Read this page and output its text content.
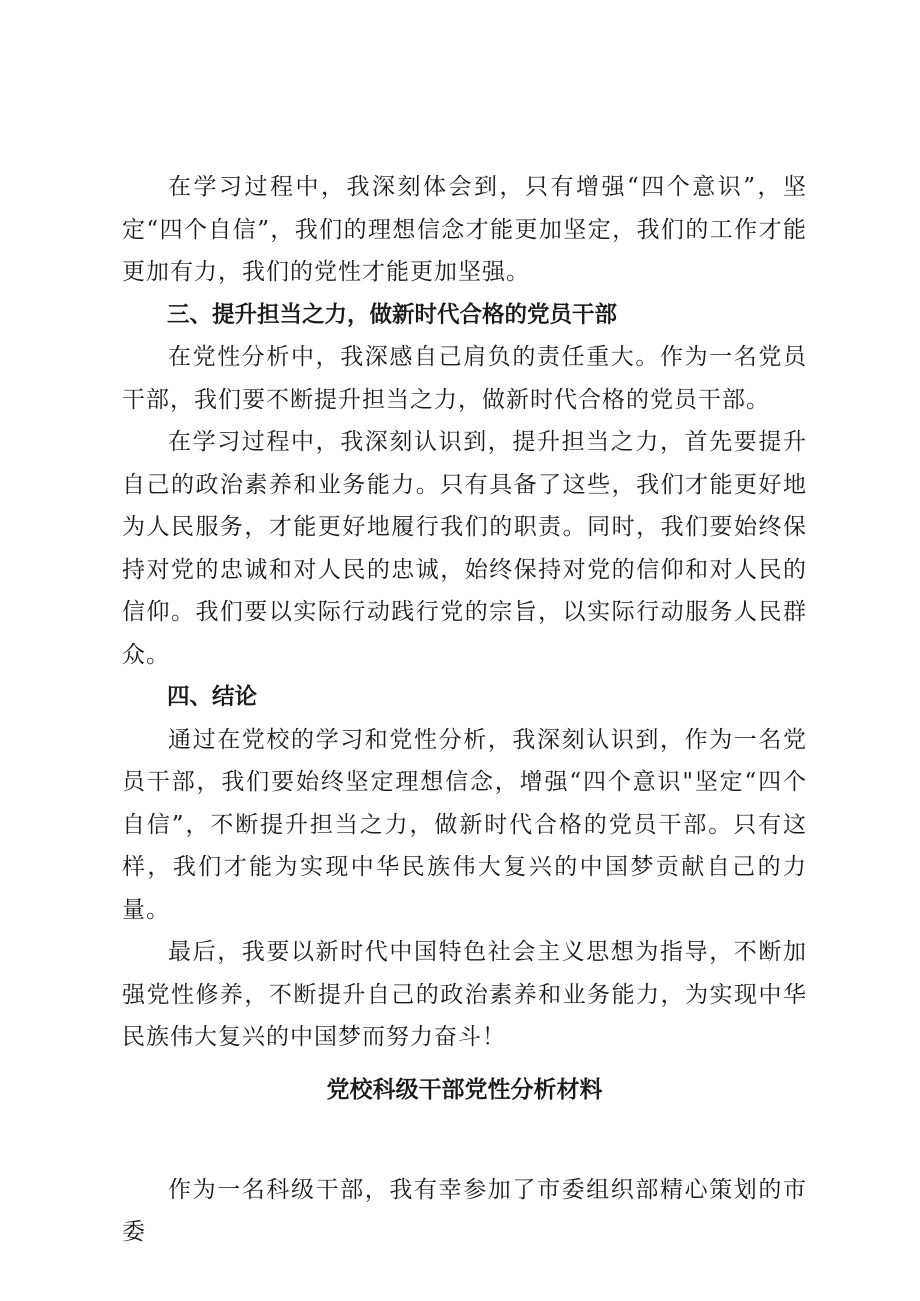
在学习过程中，我深刻体会到，只有增强“四个意识”，坚定“四个自信”，我们的理想信念才能更加坚定，我们的工作才能更加有力，我们的党性才能更加坚强。

三、提升担当之力，做新时代合格的党员干部

在党性分析中，我深感自己肩负的责任重大。作为一名党员干部，我们要不断提升担当之力，做新时代合格的党员干部。

在学习过程中，我深刻认识到，提升担当之力，首先要提升自己的政治素养和业务能力。只有具备了这些，我们才能更好地为人民服务，才能更好地履行我们的职责。同时，我们要始终保持对党的忠诚和对人民的忠诚，始终保持对党的信仰和对人民的信仰。我们要以实际行动践行党的宗旨，以实际行动服务人民群众。

四、结论

通过在党校的学习和党性分析，我深刻认识到，作为一名党员干部，我们要始终坚定理想信念，增强“四个意识"坚定“四个自信”，不断提升担当之力，做新时代合格的党员干部。只有这样，我们才能为实现中华民族伟大复兴的中国梦贡献自己的力量。

最后，我要以新时代中国特色社会主义思想为指导，不断加强党性修养，不断提升自己的政治素养和业务能力，为实现中华民族伟大复兴的中国梦而努力奋斗！

党校科级干部党性分析材料

作为一名科级干部，我有幸参加了市委组织部精心策划的市委
